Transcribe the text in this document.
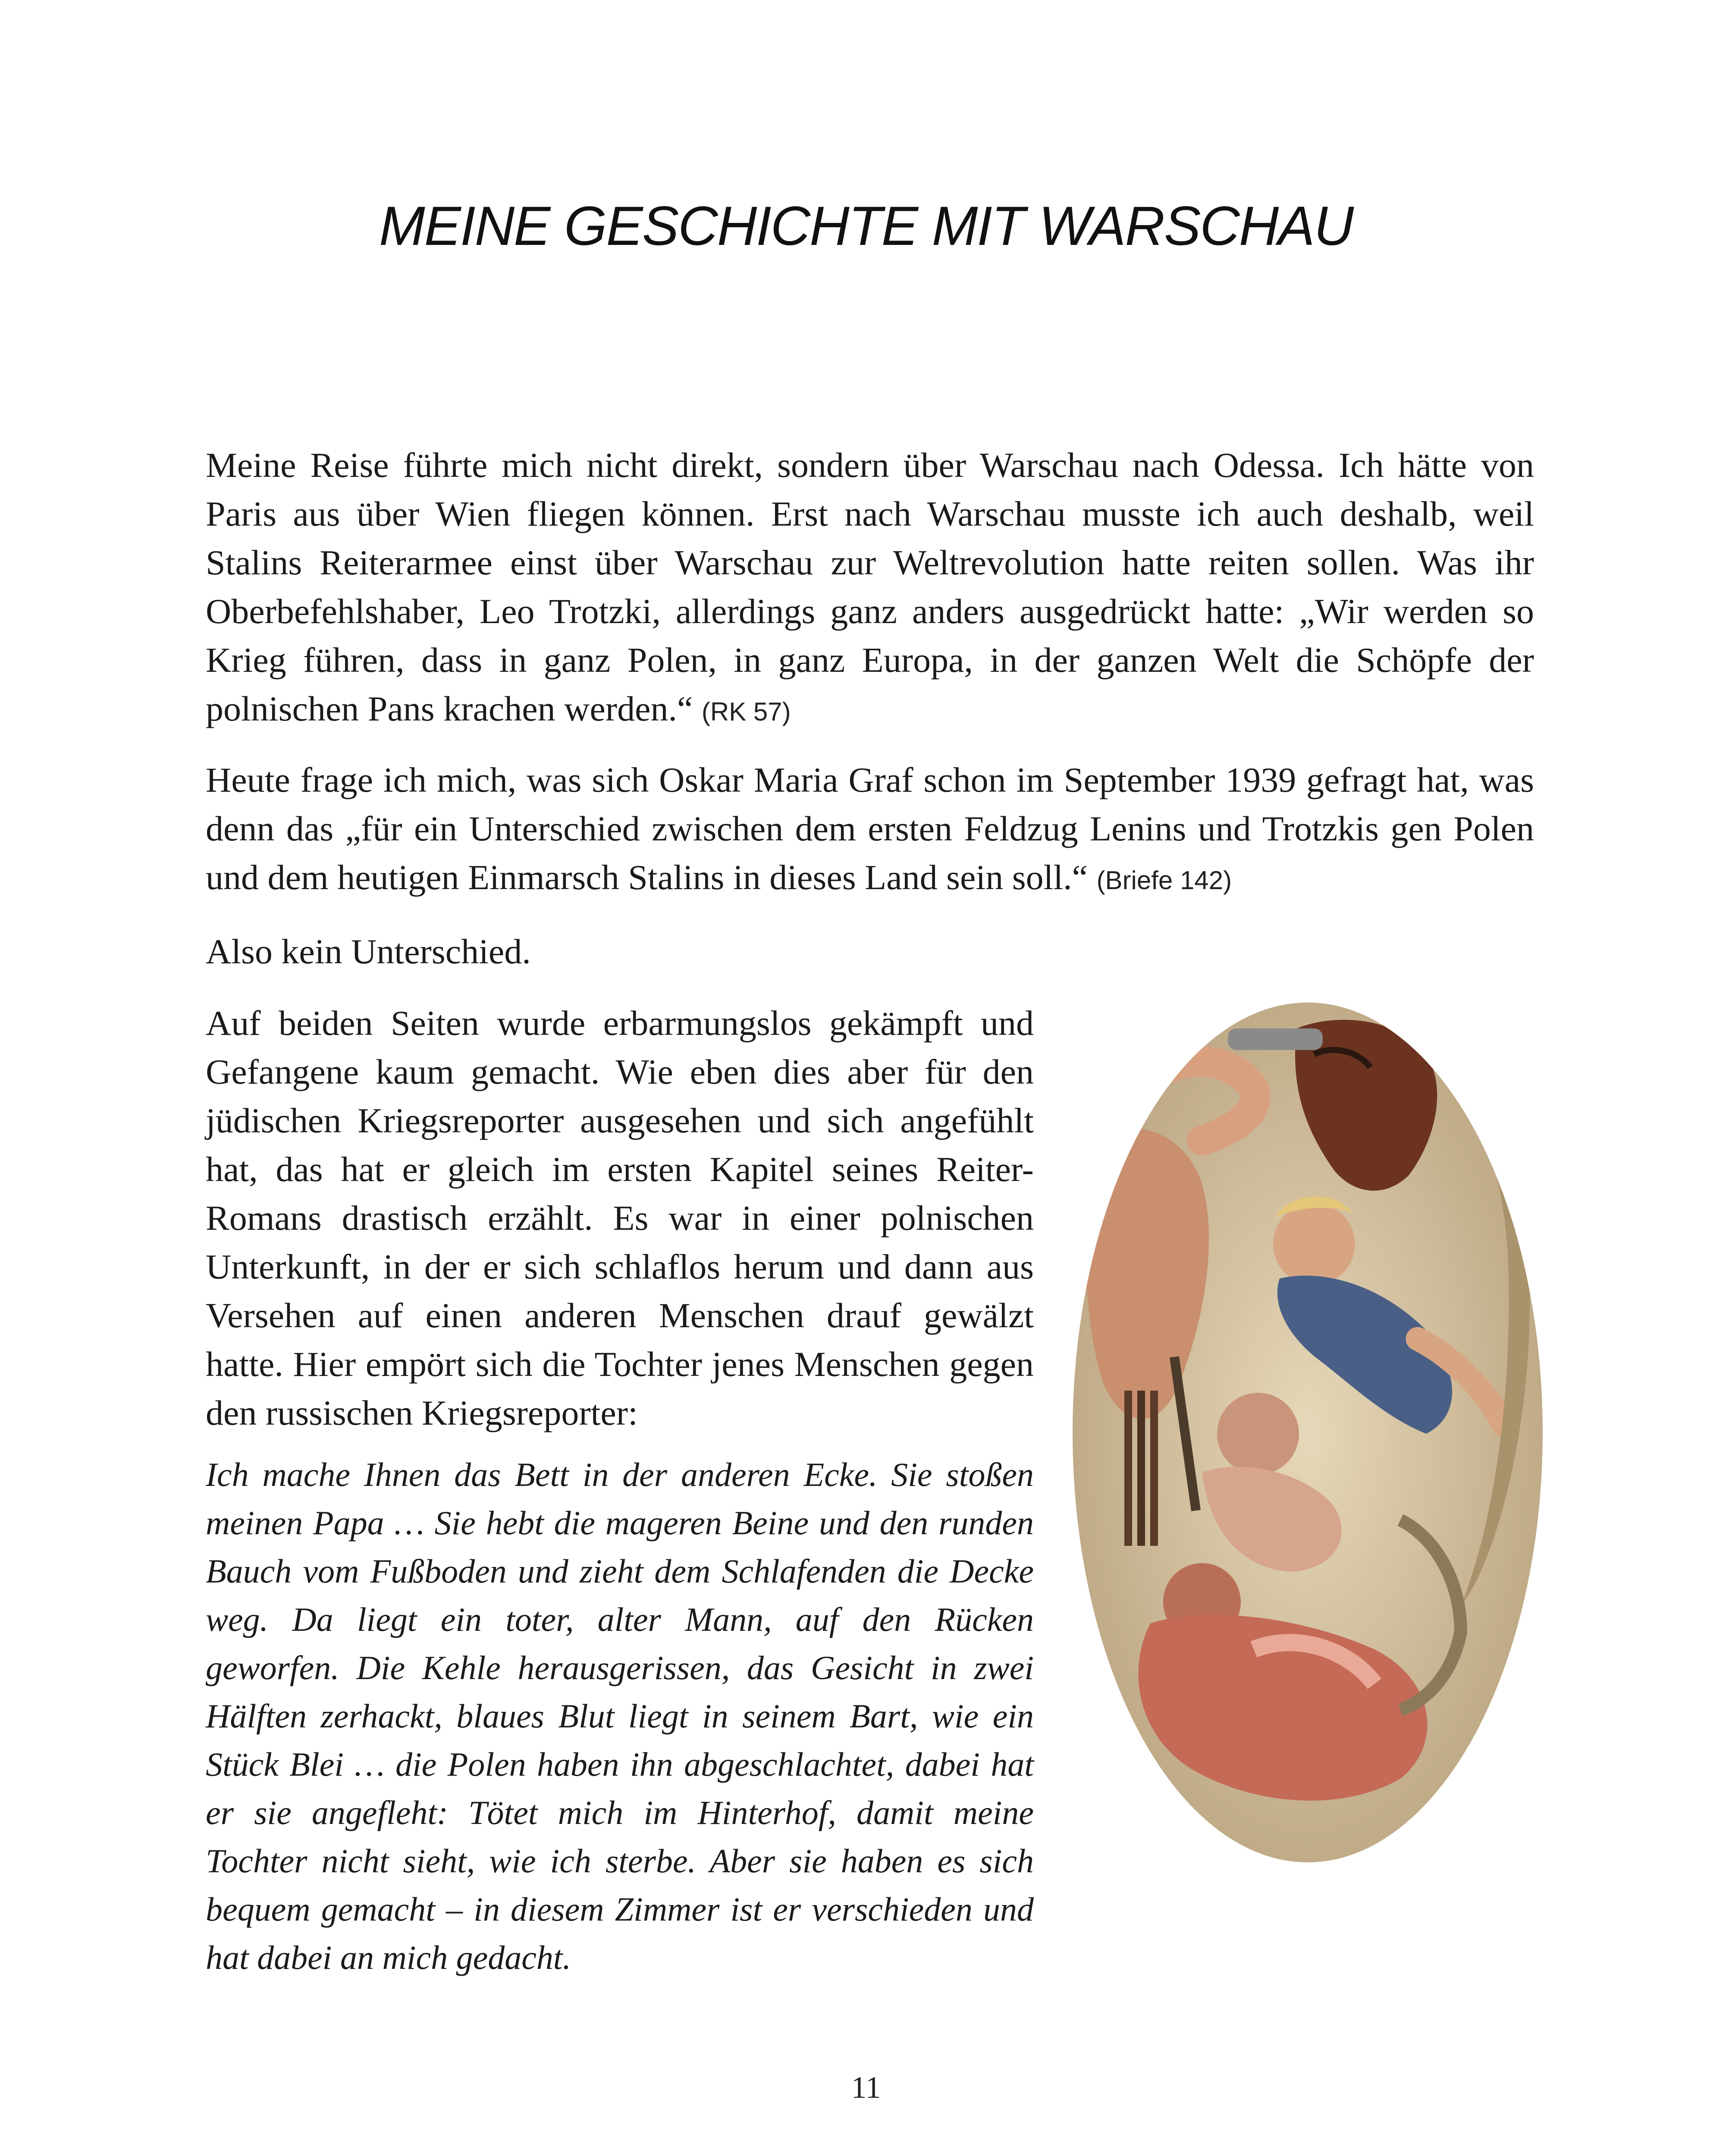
MEINE GESCHICHTE MIT WARSCHAU

Meine Reise führte mich nicht direkt, sondern über Warschau nach Odessa. Ich hätte von Paris aus über Wien fliegen können. Erst nach Warschau musste ich auch deshalb, weil Stalins Reiterarmee einst über Warschau zur Weltrevolution hatte reiten sollen. Was ihr Oberbefehlshaber, Leo Trotzki, allerdings ganz anders ausgedrückt hatte: „Wir werden so Krieg führen, dass in ganz Polen, in ganz Europa, in der ganzen Welt die Schöpfe der polnischen Pans krachen werden.“ (RK 57)

Heute frage ich mich, was sich Oskar Maria Graf schon im September 1939 gefragt hat, was denn das „für ein Unterschied zwischen dem ersten Feldzug Lenins und Trotzkis gen Polen und dem heutigen Einmarsch Stalins in dieses Land sein soll.“ (Briefe 142)

Also kein Unterschied.

Auf beiden Seiten wurde erbarmungslos gekämpft und Gefangene kaum gemacht. Wie eben dies aber für den jüdischen Kriegsreporter ausgesehen und sich angefühlt hat, das hat er gleich im ersten Kapitel seines Reiter-Romans drastisch erzählt. Es war in einer polnischen Unterkunft, in der er sich schlaflos herum und dann aus Versehen auf einen anderen Menschen drauf gewälzt hatte. Hier empört sich die Tochter jenes Menschen gegen den russischen Kriegsreporter:

Ich mache Ihnen das Bett in der anderen Ecke. Sie stoßen meinen Papa … Sie hebt die mageren Beine und den runden Bauch vom Fußboden und zieht dem Schlafenden die Decke weg. Da liegt ein toter, alter Mann, auf den Rücken geworfen. Die Kehle herausgerissen, das Gesicht in zwei Hälften zerhackt, blaues Blut liegt in seinem Bart, wie ein Stück Blei … die Polen haben ihn abgeschlachtet, dabei hat er sie angefleht: Tötet mich im Hinterhof, damit meine Tochter nicht sieht, wie ich sterbe. Aber sie haben es sich bequem gemacht – in diesem Zimmer ist er verschieden und hat dabei an mich gedacht.

11
